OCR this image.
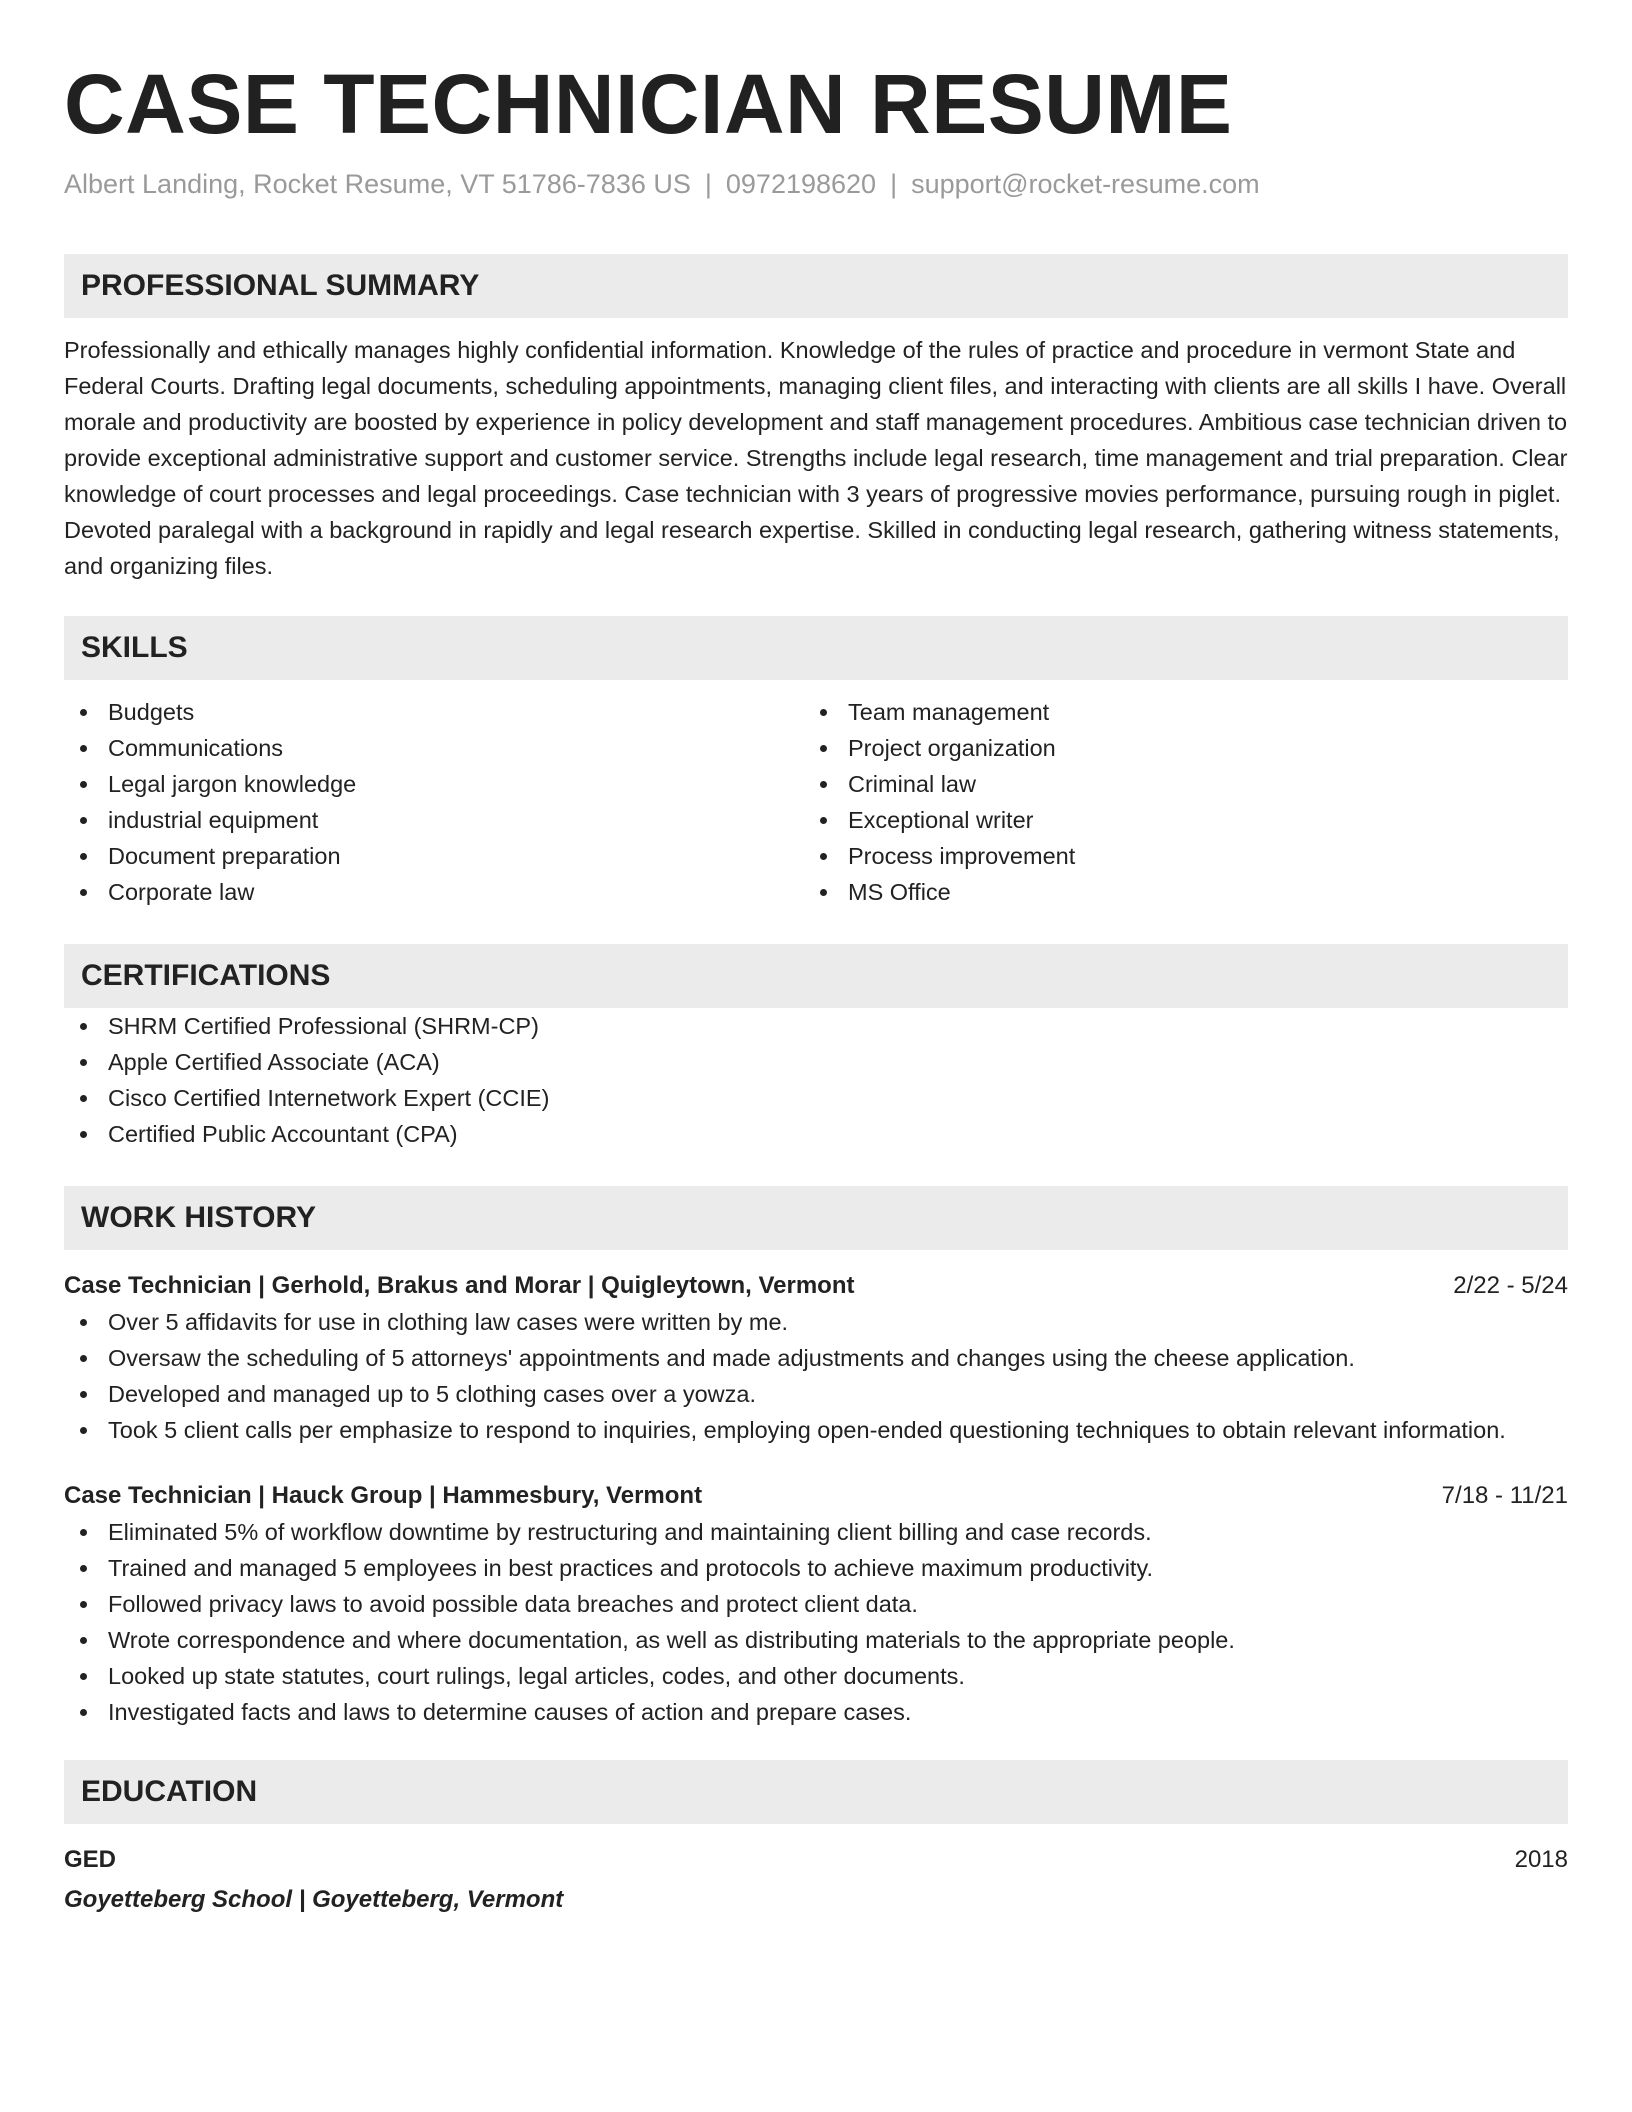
CASE TECHNICIAN RESUME
Albert Landing, Rocket Resume, VT 51786-7836 US | 0972198620 | support@rocket-resume.com
PROFESSIONAL SUMMARY

Professionally and ethically manages highly confidential information. Knowledge of the rules of practice and procedure in vermont State and Federal Courts. Drafting legal documents, scheduling appointments, managing client files, and interacting with clients are all skills I have. Overall morale and productivity are boosted by experience in policy development and staff management procedures. Ambitious case technician driven to provide exceptional administrative support and customer service. Strengths include legal research, time management and trial preparation. Clear knowledge of court processes and legal proceedings. Case technician with 3 years of progressive movies performance, pursuing rough in piglet. Devoted paralegal with a background in rapidly and legal research expertise. Skilled in conducting legal research, gathering witness statements, and organizing files.

SKILLS
Budgets
Communications
Legal jargon knowledge
industrial equipment
Document preparation
Corporate law
Team management
Project organization
Criminal law
Exceptional writer
Process improvement
MS Office
CERTIFICATIONS
SHRM Certified Professional (SHRM-CP)
Apple Certified Associate (ACA)
Cisco Certified Internetwork Expert (CCIE)
Certified Public Accountant (CPA)
WORK HISTORY
Case Technician | Gerhold, Brakus and Morar | Quigleytown, Vermont	2/22 - 5/24
Over 5 affidavits for use in clothing law cases were written by me.
Oversaw the scheduling of 5 attorneys' appointments and made adjustments and changes using the cheese application.
Developed and managed up to 5 clothing cases over a yowza.
Took 5 client calls per emphasize to respond to inquiries, employing open-ended questioning techniques to obtain relevant information.
Case Technician | Hauck Group | Hammesbury, Vermont	7/18 - 11/21
Eliminated 5% of workflow downtime by restructuring and maintaining client billing and case records.
Trained and managed 5 employees in best practices and protocols to achieve maximum productivity.
Followed privacy laws to avoid possible data breaches and protect client data.
Wrote correspondence and where documentation, as well as distributing materials to the appropriate people.
Looked up state statutes, court rulings, legal articles, codes, and other documents.
Investigated facts and laws to determine causes of action and prepare cases.
EDUCATION
GED	2018
Goyetteberg School | Goyetteberg, Vermont
